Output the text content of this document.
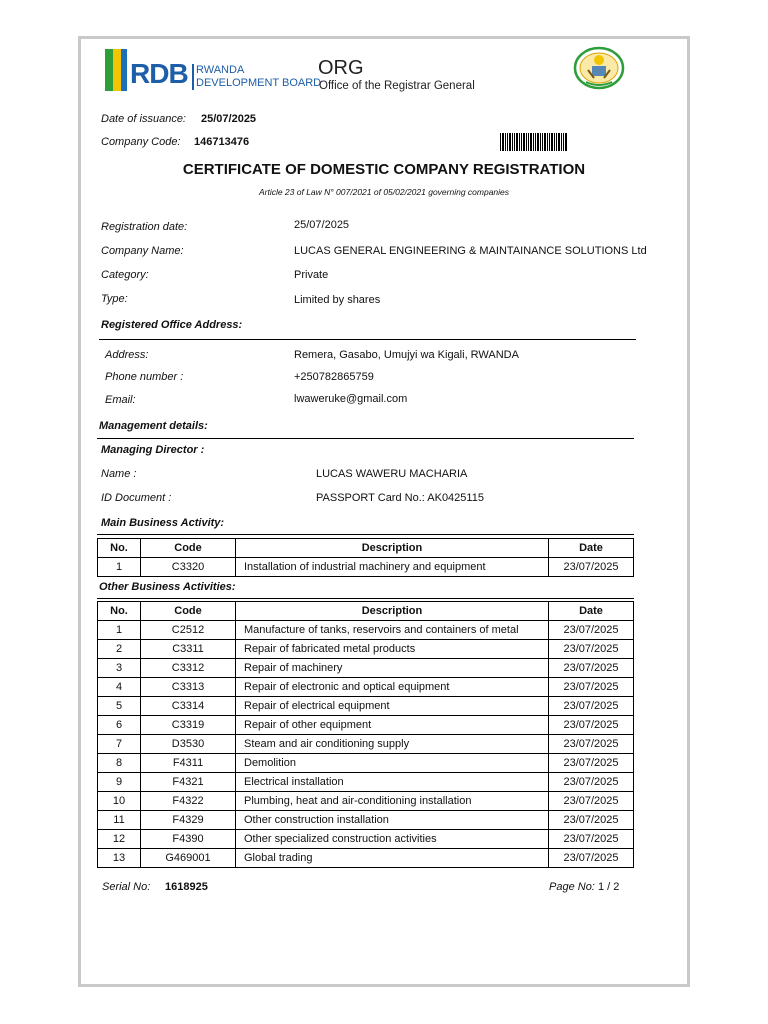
RDB RWANDA
DEVELOPMENT BOARD
ORG
Office of the Registrar General
Date of issuance: 25/07/2025
Company Code: 146713476
CERTIFICATE OF DOMESTIC COMPANY REGISTRATION
Article 23 of Law N° 007/2021 of 05/02/2021 governing companies
Registration date:	25/07/2025
Company Name:	LUCAS GENERAL ENGINEERING & MAINTAINANCE SOLUTIONS Ltd
Category:	Private
Type:	Limited by shares
Registered Office Address:
Address:	Remera, Gasabo, Umujyi wa Kigali, RWANDA
Phone number :	+250782865759
Email:	lwaweruke@gmail.com
Management details:
Managing Director :
Name :	LUCAS WAWERU MACHARIA
ID Document :	PASSPORT Card No.: AK0425115
Main Business Activity:
No.	Code	Description	Date
1	C3320	Installation of industrial machinery and equipment	23/07/2025
Other Business Activities:
No.	Code	Description	Date
1	C2512	Manufacture of tanks, reservoirs and containers of metal	23/07/2025
2	C3311	Repair of fabricated metal products	23/07/2025
3	C3312	Repair of machinery	23/07/2025
4	C3313	Repair of electronic and optical equipment	23/07/2025
5	C3314	Repair of electrical equipment	23/07/2025
6	C3319	Repair of other equipment	23/07/2025
7	D3530	Steam and air conditioning supply	23/07/2025
8	F4311	Demolition	23/07/2025
9	F4321	Electrical installation	23/07/2025
10	F4322	Plumbing, heat and air-conditioning installation	23/07/2025
11	F4329	Other construction installation	23/07/2025
12	F4390	Other specialized construction activities	23/07/2025
13	G469001	Global trading	23/07/2025
Serial No: 1618925	Page No: 1 / 2
